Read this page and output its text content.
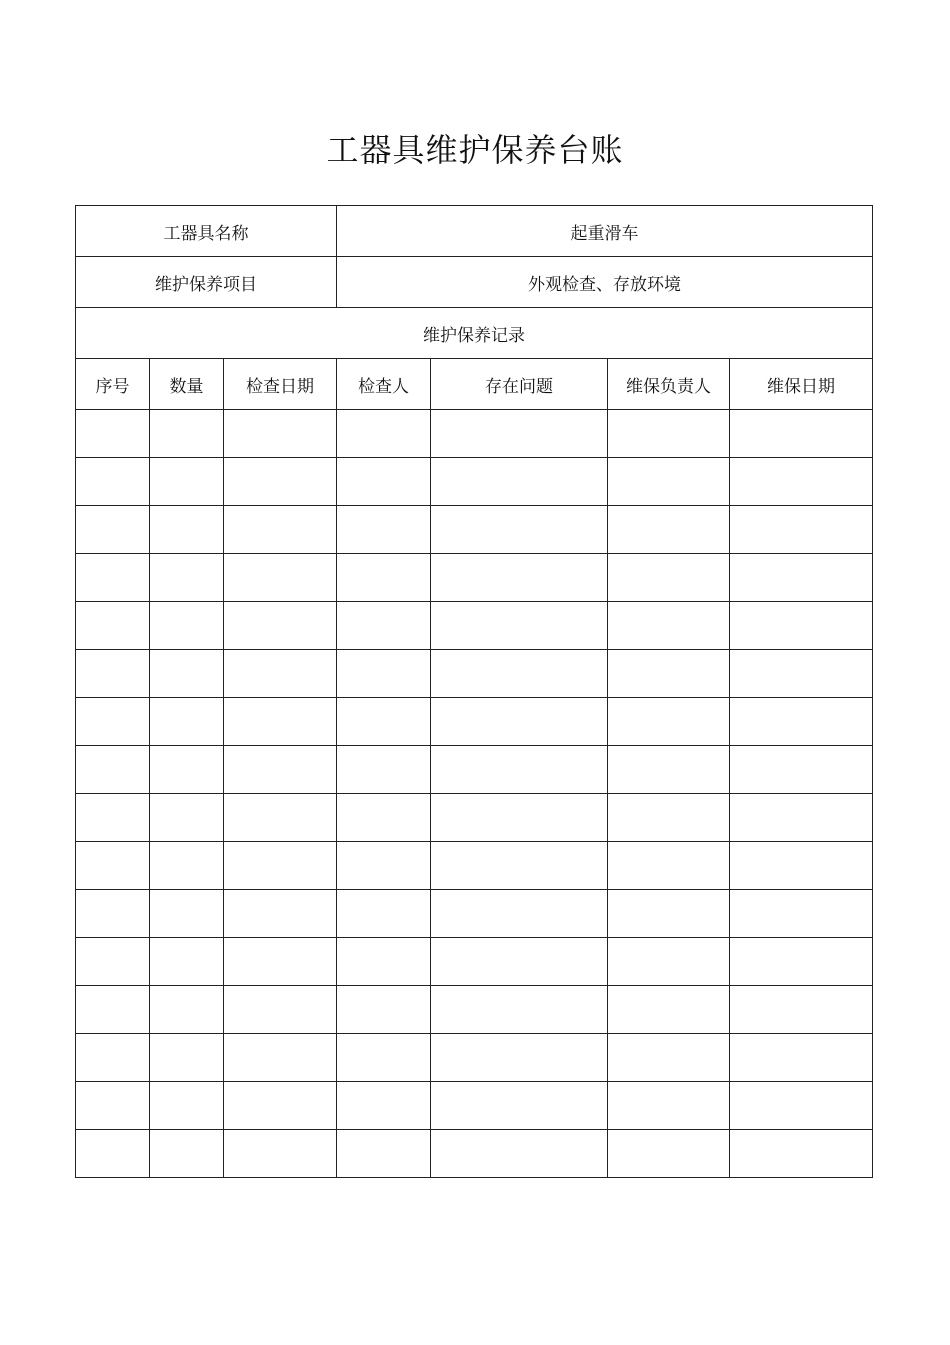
工器具维护保养台账
工器具名称			起重滑车			
维护保养项目			外观检查、存放环境			
维护保养记录						
序号	数量	检查日期	检查人	存在问题	维保负责人	维保日期
